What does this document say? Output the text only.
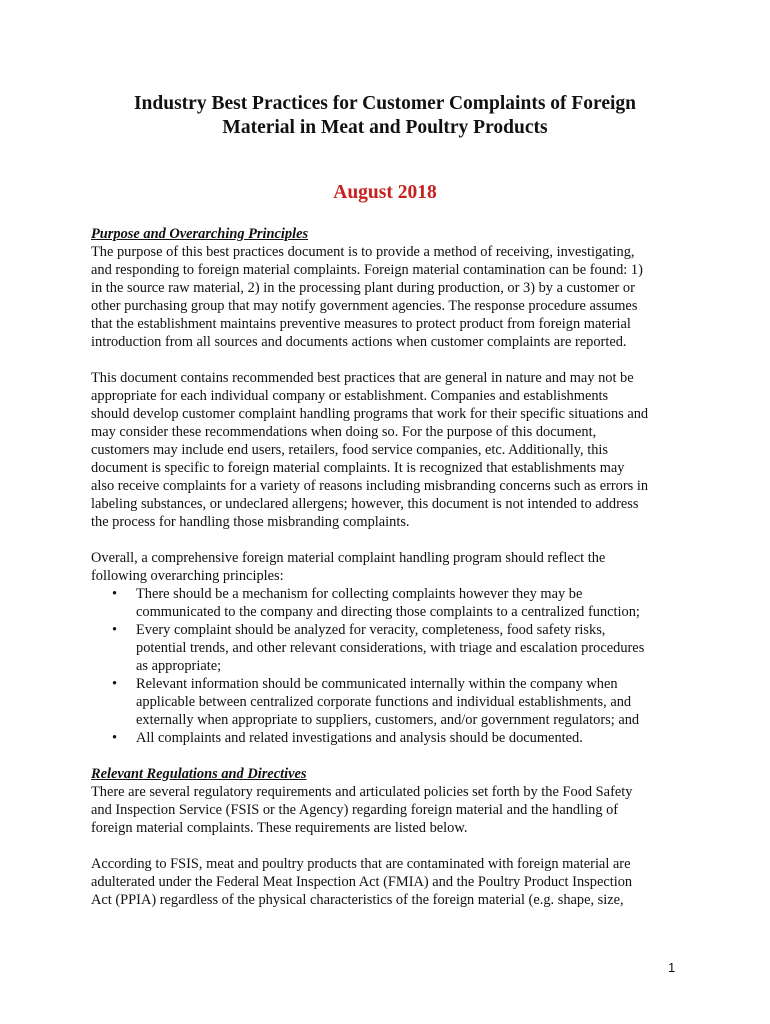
Industry Best Practices for Customer Complaints of Foreign
Material in Meat and Poultry Products
August 2018
Purpose and Overarching Principles
The purpose of this best practices document is to provide a method of receiving, investigating,
and responding to foreign material complaints. Foreign material contamination can be found: 1)
in the source raw material, 2) in the processing plant during production, or 3) by a customer or
other purchasing group that may notify government agencies. The response procedure assumes
that the establishment maintains preventive measures to protect product from foreign material
introduction from all sources and documents actions when customer complaints are reported.
This document contains recommended best practices that are general in nature and may not be
appropriate for each individual company or establishment. Companies and establishments
should develop customer complaint handling programs that work for their specific situations and
may consider these recommendations when doing so. For the purpose of this document,
customers may include end users, retailers, food service companies, etc. Additionally, this
document is specific to foreign material complaints. It is recognized that establishments may
also receive complaints for a variety of reasons including misbranding concerns such as errors in
labeling substances, or undeclared allergens; however, this document is not intended to address
the process for handling those misbranding complaints.
Overall, a comprehensive foreign material complaint handling program should reflect the
following overarching principles:
• There should be a mechanism for collecting complaints however they may be
communicated to the company and directing those complaints to a centralized function;
• Every complaint should be analyzed for veracity, completeness, food safety risks,
potential trends, and other relevant considerations, with triage and escalation procedures
as appropriate;
• Relevant information should be communicated internally within the company when
applicable between centralized corporate functions and individual establishments, and
externally when appropriate to suppliers, customers, and/or government regulators; and
• All complaints and related investigations and analysis should be documented.
Relevant Regulations and Directives
There are several regulatory requirements and articulated policies set forth by the Food Safety
and Inspection Service (FSIS or the Agency) regarding foreign material and the handling of
foreign material complaints. These requirements are listed below.
According to FSIS, meat and poultry products that are contaminated with foreign material are
adulterated under the Federal Meat Inspection Act (FMIA) and the Poultry Product Inspection
Act (PPIA) regardless of the physical characteristics of the foreign material (e.g. shape, size,
1
